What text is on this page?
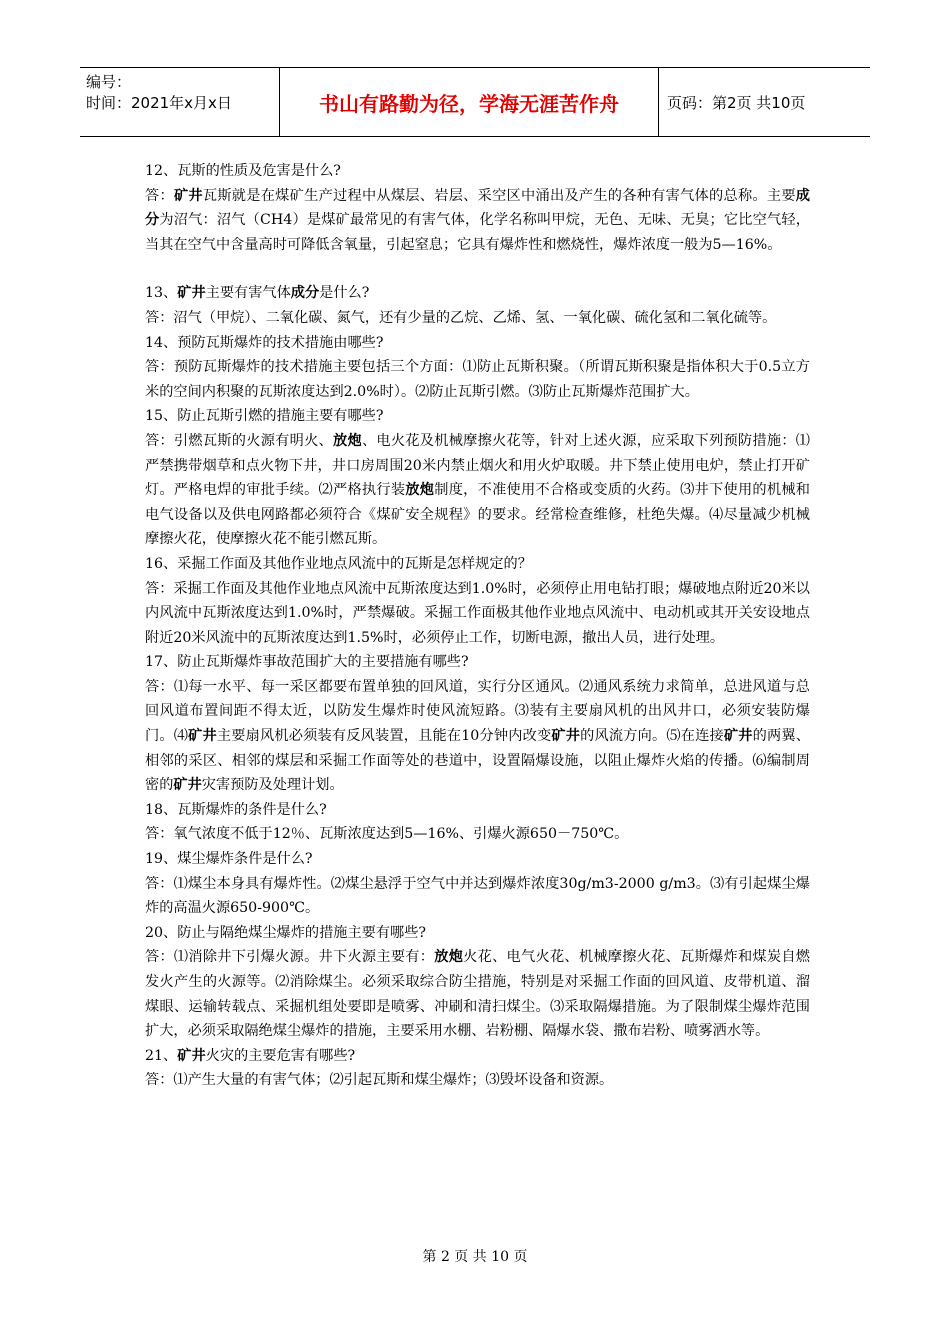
编号：
时间：2021年x月x日	书山有路勤为径，学海无涯苦作舟	页码：第2页 共10页

12、瓦斯的性质及危害是什么?

答：矿井瓦斯就是在煤矿生产过程中从煤层、岩层、采空区中涌出及产生的各种有害气体的总称。主要成分为沼气：沼气（CH4）是煤矿最常见的有害气体，化学名称叫甲烷，无色、无味、无臭；它比空气轻，当其在空气中含量高时可降低含氧量，引起窒息；它具有爆炸性和燃烧性，爆炸浓度一般为5—16%。

13、矿井主要有害气体成分是什么?

答：沼气（甲烷）、二氧化碳、氮气，还有少量的乙烷、乙烯、氢、一氧化碳、硫化氢和二氧化硫等。

14、预防瓦斯爆炸的技术措施由哪些?

答：预防瓦斯爆炸的技术措施主要包括三个方面：⑴防止瓦斯积聚。（所谓瓦斯积聚是指体积大于0.5立方米的空间内积聚的瓦斯浓度达到2.0%时）。⑵防止瓦斯引燃。⑶防止瓦斯爆炸范围扩大。

15、防止瓦斯引燃的措施主要有哪些?

答：引燃瓦斯的火源有明火、放炮、电火花及机械摩擦火花等，针对上述火源，应采取下列预防措施：⑴严禁携带烟草和点火物下井，井口房周围20米内禁止烟火和用火炉取暖。井下禁止使用电炉，禁止打开矿灯。严格电焊的审批手续。⑵严格执行装放炮制度，不准使用不合格或变质的火药。⑶井下使用的机械和电气设备以及供电网路都必须符合《煤矿安全规程》的要求。经常检查维修，杜绝失爆。⑷尽量减少机械摩擦火花，使摩擦火花不能引燃瓦斯。

16、采掘工作面及其他作业地点风流中的瓦斯是怎样规定的？

答：采掘工作面及其他作业地点风流中瓦斯浓度达到1.0%时，必须停止用电钻打眼；爆破地点附近20米以内风流中瓦斯浓度达到1.0%时，严禁爆破。采掘工作面极其他作业地点风流中、电动机或其开关安设地点附近20米风流中的瓦斯浓度达到1.5%时，必须停止工作，切断电源，撤出人员，进行处理。

17、防止瓦斯爆炸事故范围扩大的主要措施有哪些?

答：⑴每一水平、每一采区都要布置单独的回风道，实行分区通风。⑵通风系统力求简单，总进风道与总回风道布置间距不得太近，以防发生爆炸时使风流短路。⑶装有主要扇风机的出风井口，必须安装防爆门。⑷矿井主要扇风机必须装有反风装置，且能在10分钟内改变矿井的风流方向。⑸在连接矿井的两翼、相邻的采区、相邻的煤层和采掘工作面等处的巷道中，设置隔爆设施，以阻止爆炸火焰的传播。⑹编制周密的矿井灾害预防及处理计划。

18、瓦斯爆炸的条件是什么?

答：氧气浓度不低于12％、瓦斯浓度达到5—16%、引爆火源650－750℃。

19、煤尘爆炸条件是什么?

答：⑴煤尘本身具有爆炸性。⑵煤尘悬浮于空气中并达到爆炸浓度30g/m3-2000 g/m3。⑶有引起煤尘爆炸的高温火源650-900℃。

20、防止与隔绝煤尘爆炸的措施主要有哪些?

答：⑴消除井下引爆火源。井下火源主要有：放炮火花、电气火花、机械摩擦火花、瓦斯爆炸和煤炭自燃发火产生的火源等。⑵消除煤尘。必须采取综合防尘措施，特别是对采掘工作面的回风道、皮带机道、溜煤眼、运输转载点、采掘机组处要即是喷雾、冲刷和清扫煤尘。⑶采取隔爆措施。为了限制煤尘爆炸范围扩大，必须采取隔绝煤尘爆炸的措施，主要采用水棚、岩粉棚、隔爆水袋、撒布岩粉、喷雾洒水等。

21、矿井火灾的主要危害有哪些?

答：⑴产生大量的有害气体；⑵引起瓦斯和煤尘爆炸；⑶毁坏设备和资源。

第 2 页 共 10 页
